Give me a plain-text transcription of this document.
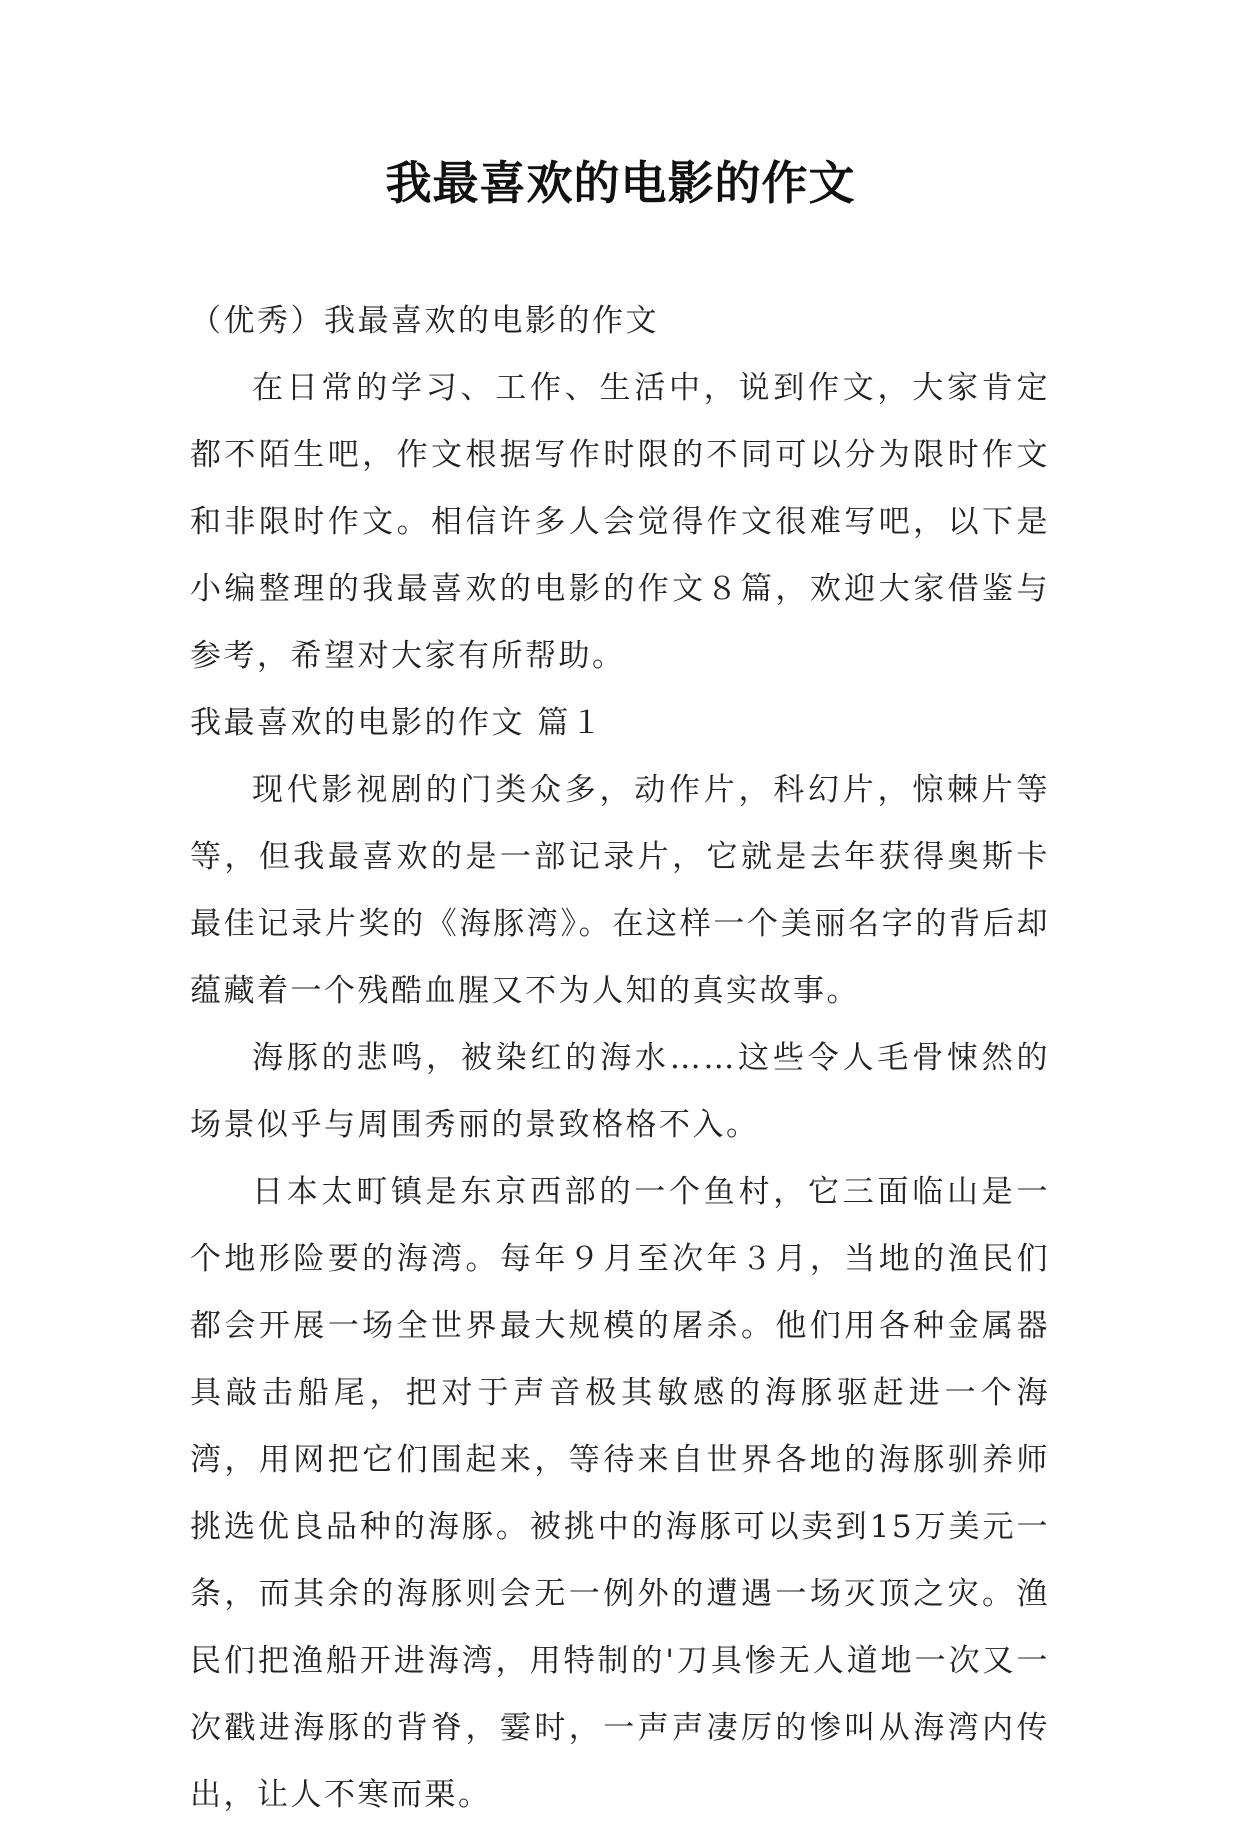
我最喜欢的电影的作文

（优秀）我最喜欢的电影的作文

在日常的学习、工作、生活中，说到作文，大家肯定都不陌生吧，作文根据写作时限的不同可以分为限时作文和非限时作文。相信许多人会觉得作文很难写吧，以下是小编整理的我最喜欢的电影的作文８篇，欢迎大家借鉴与参考，希望对大家有所帮助。

我最喜欢的电影的作文 篇１

现代影视剧的门类众多，动作片，科幻片，惊棘片等等，但我最喜欢的是一部记录片，它就是去年获得奥斯卡最佳记录片奖的《海豚湾》。在这样一个美丽名字的背后却蕴藏着一个残酷血腥又不为人知的真实故事。

海豚的悲鸣，被染红的海水……这些令人毛骨悚然的场景似乎与周围秀丽的景致格格不入。

日本太町镇是东京西部的一个鱼村，它三面临山是一个地形险要的海湾。每年９月至次年３月，当地的渔民们都会开展一场全世界最大规模的屠杀。他们用各种金属器具敲击船尾，把对于声音极其敏感的海豚驱赶进一个海湾，用网把它们围起来，等待来自世界各地的海豚驯养师挑选优良品种的海豚。被挑中的海豚可以卖到15万美元一条，而其余的海豚则会无一例外的遭遇一场灭顶之灾。渔民们把渔船开进海湾，用特制的'刀具惨无人道地一次又一次戳进海豚的背脊，霎时，一声声凄厉的惨叫从海湾内传出，让人不寒而栗。
